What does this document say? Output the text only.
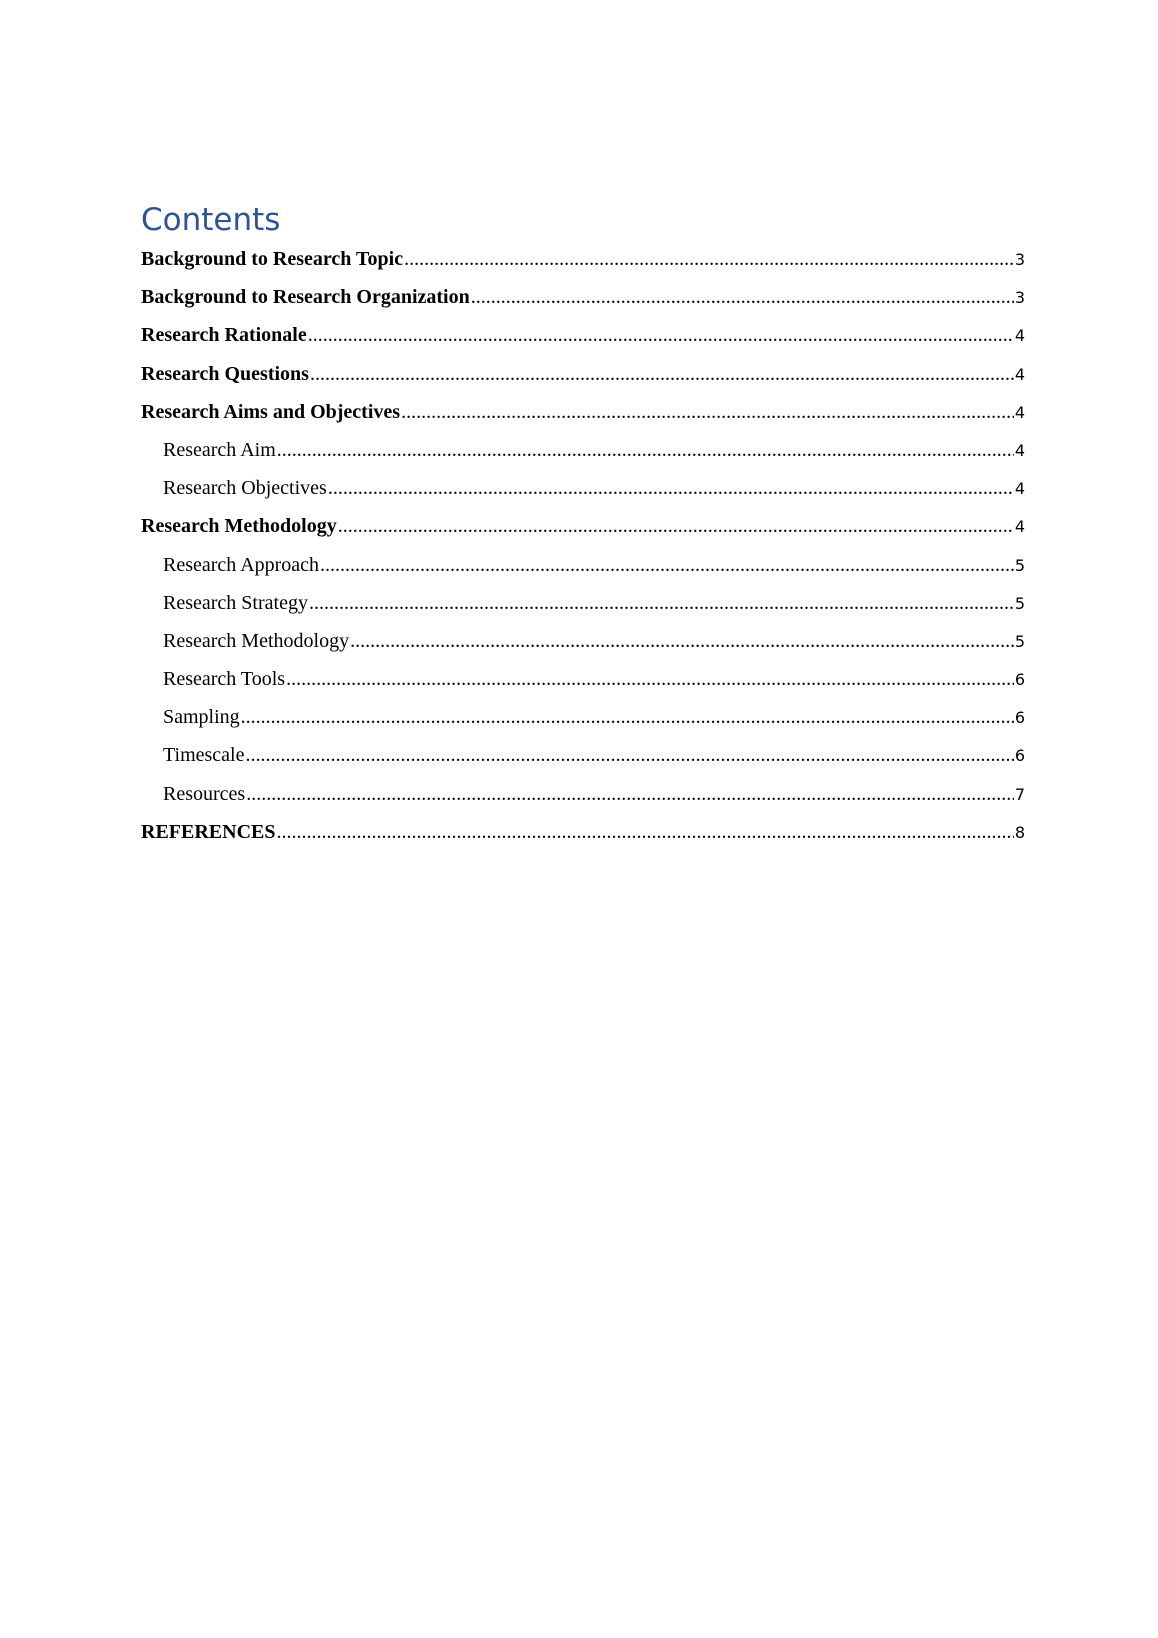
Contents
Background to Research Topic .....	3
Background to Research Organization .....	3
Research Rationale .....	4
Research Questions .....	4
Research Aims and Objectives .....	4
Research Aim .....	4
Research Objectives .....	4
Research Methodology .....	4
Research Approach .....	5
Research Strategy .....	5
Research Methodology .....	5
Research Tools .....	6
Sampling .....	6
Timescale .....	6
Resources .....	7
REFERENCES .....	8
